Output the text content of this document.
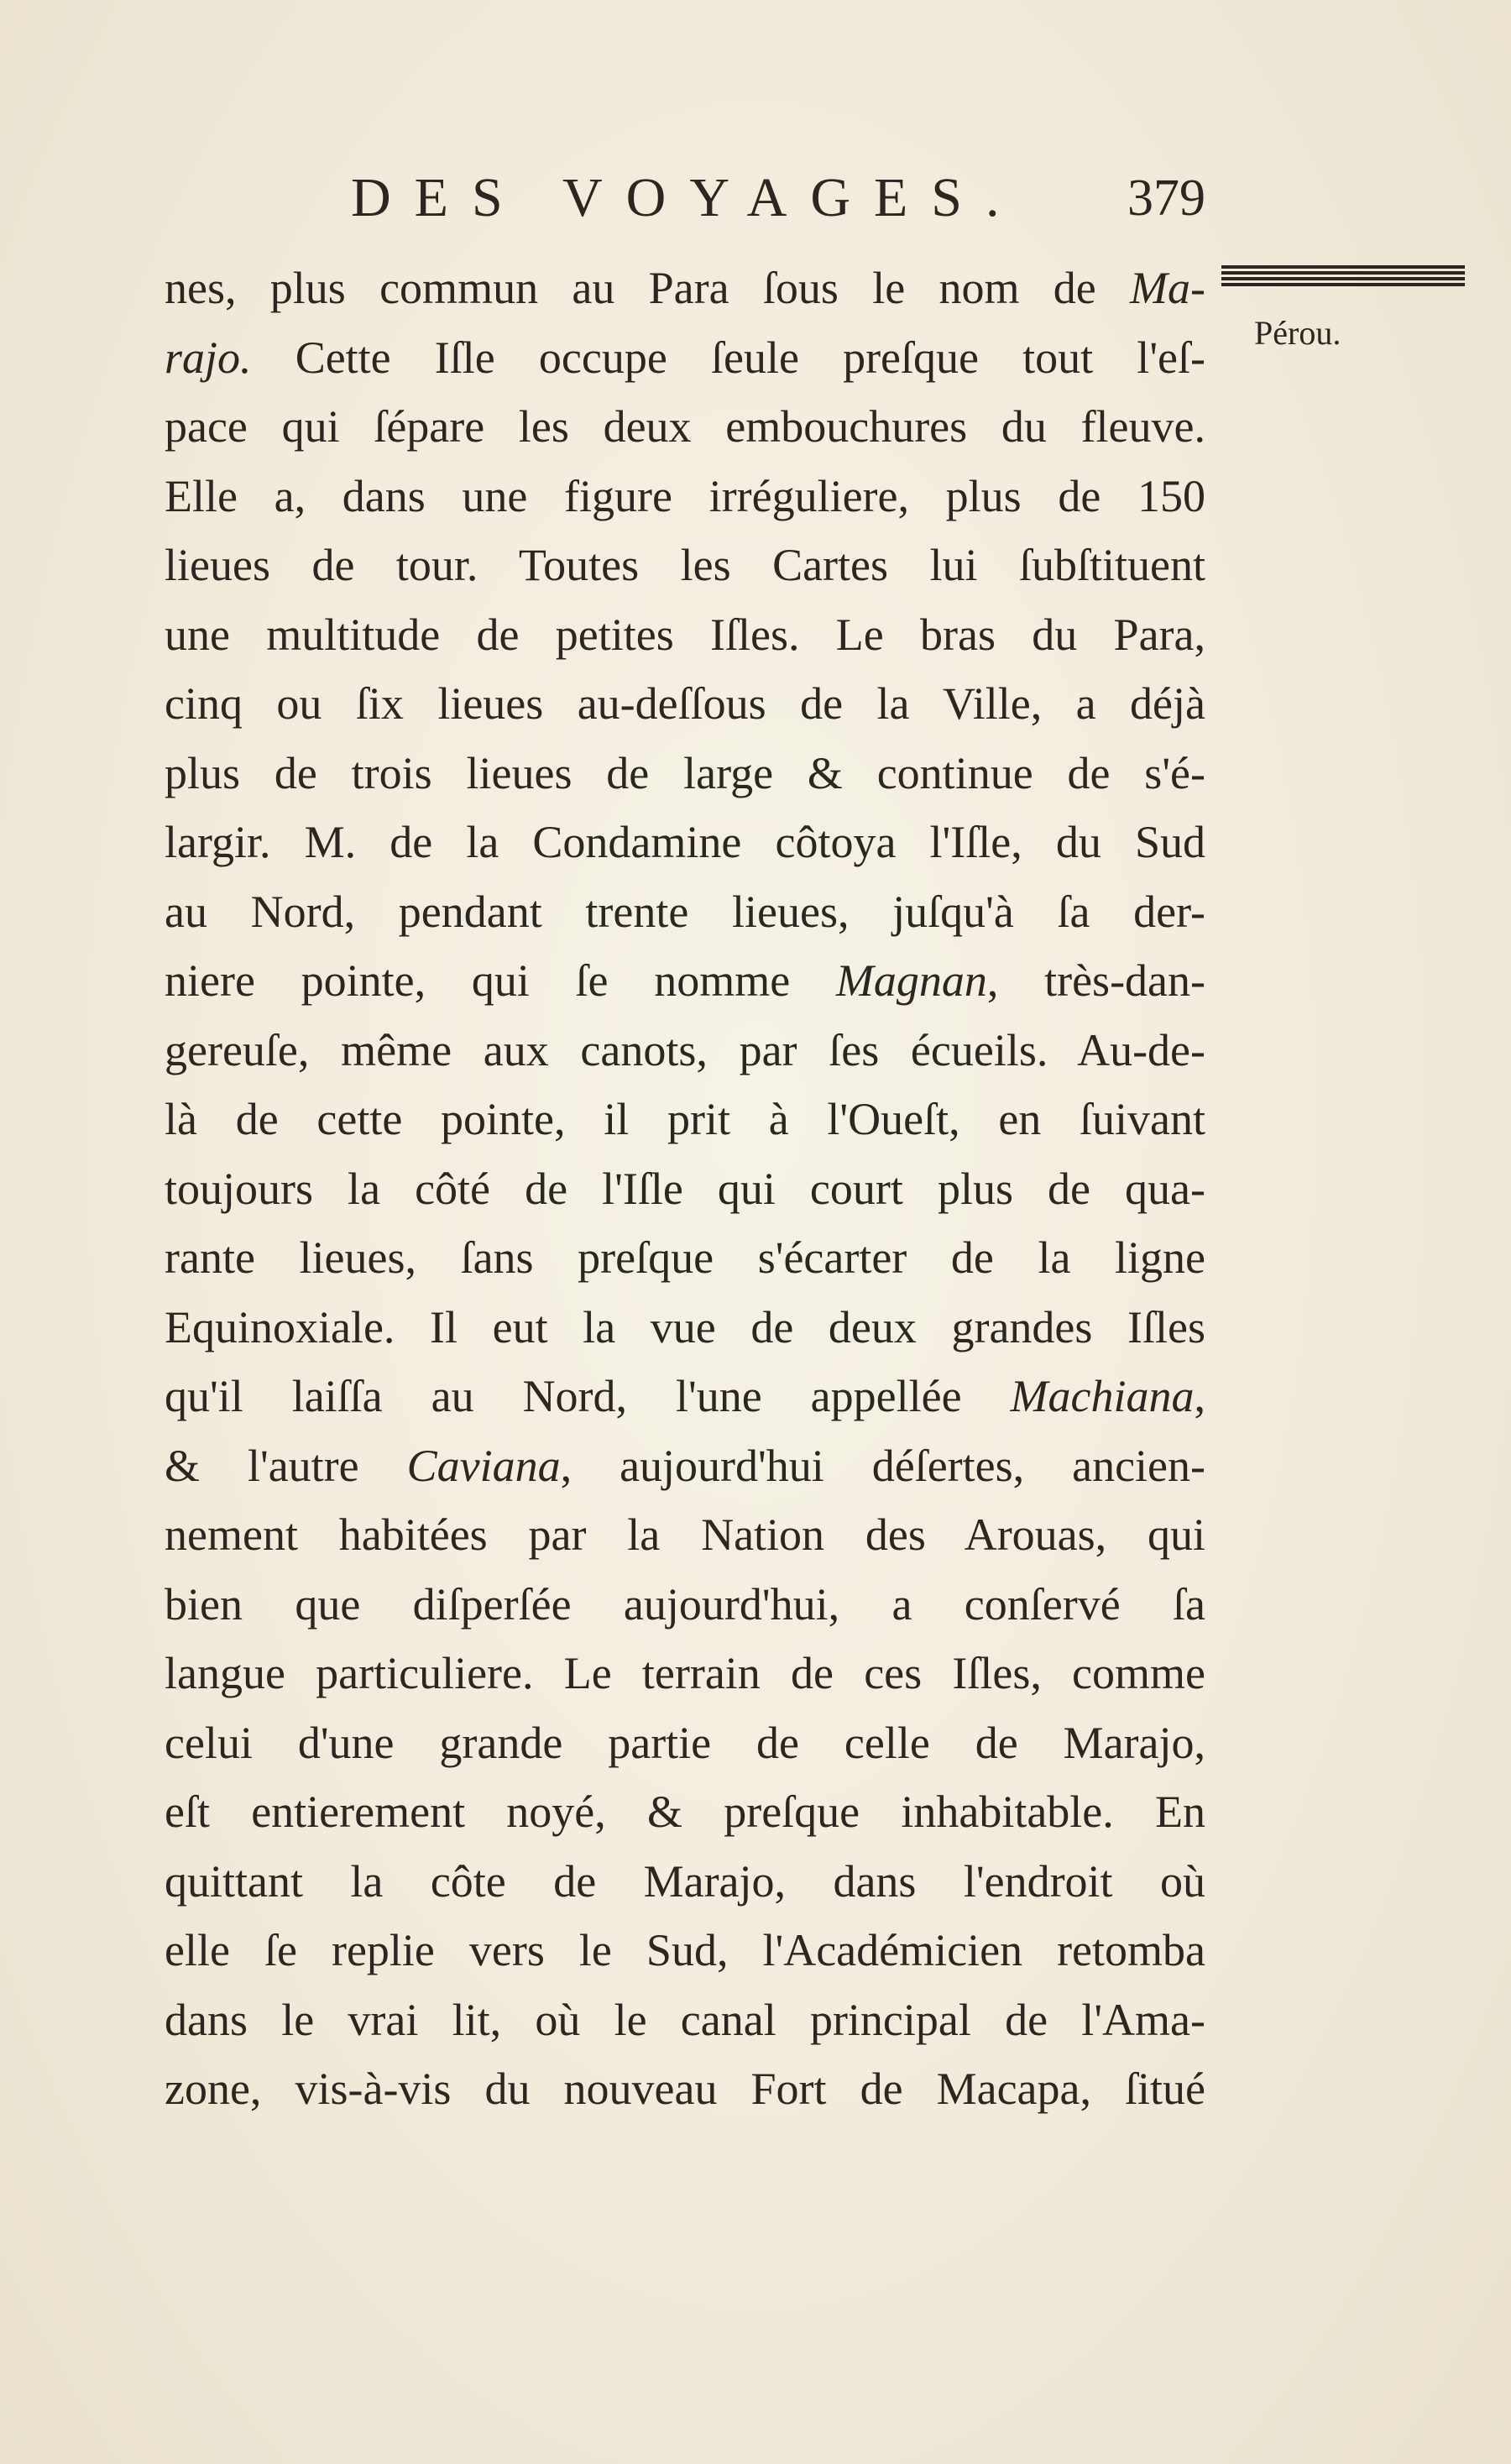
DES VOYAGES. 379
Pérou.
nes, plus commun au Para ſous le nom de Ma-
rajo. Cette Iſle occupe ſeule preſque tout l'eſ-
pace qui ſépare les deux embouchures du fleuve.
Elle a, dans une figure irréguliere, plus de 150
lieues de tour. Toutes les Cartes lui ſubſtituent
une multitude de petites Iſles. Le bras du Para,
cinq ou ſix lieues au-deſſous de la Ville, a déjà
plus de trois lieues de large & continue de s'é-
largir. M. de la Condamine côtoya l'Iſle, du Sud
au Nord, pendant trente lieues, juſqu'à ſa der-
niere pointe, qui ſe nomme Magnan, très-dan-
gereuſe, même aux canots, par ſes écueils. Au-de-
là de cette pointe, il prit à l'Oueſt, en ſuivant
toujours la côté de l'Iſle qui court plus de qua-
rante lieues, ſans preſque s'écarter de la ligne
Equinoxiale. Il eut la vue de deux grandes Iſles
qu'il laiſſa au Nord, l'une appellée Machiana,
& l'autre Caviana, aujourd'hui déſertes, ancien-
nement habitées par la Nation des Arouas, qui
bien que diſperſée aujourd'hui, a conſervé ſa
langue particuliere. Le terrain de ces Iſles, comme
celui d'une grande partie de celle de Marajo,
eſt entierement noyé, & preſque inhabitable. En
quittant la côte de Marajo, dans l'endroit où
elle ſe replie vers le Sud, l'Académicien retomba
dans le vrai lit, où le canal principal de l'Ama-
zone, vis-à-vis du nouveau Fort de Macapa, ſitué
